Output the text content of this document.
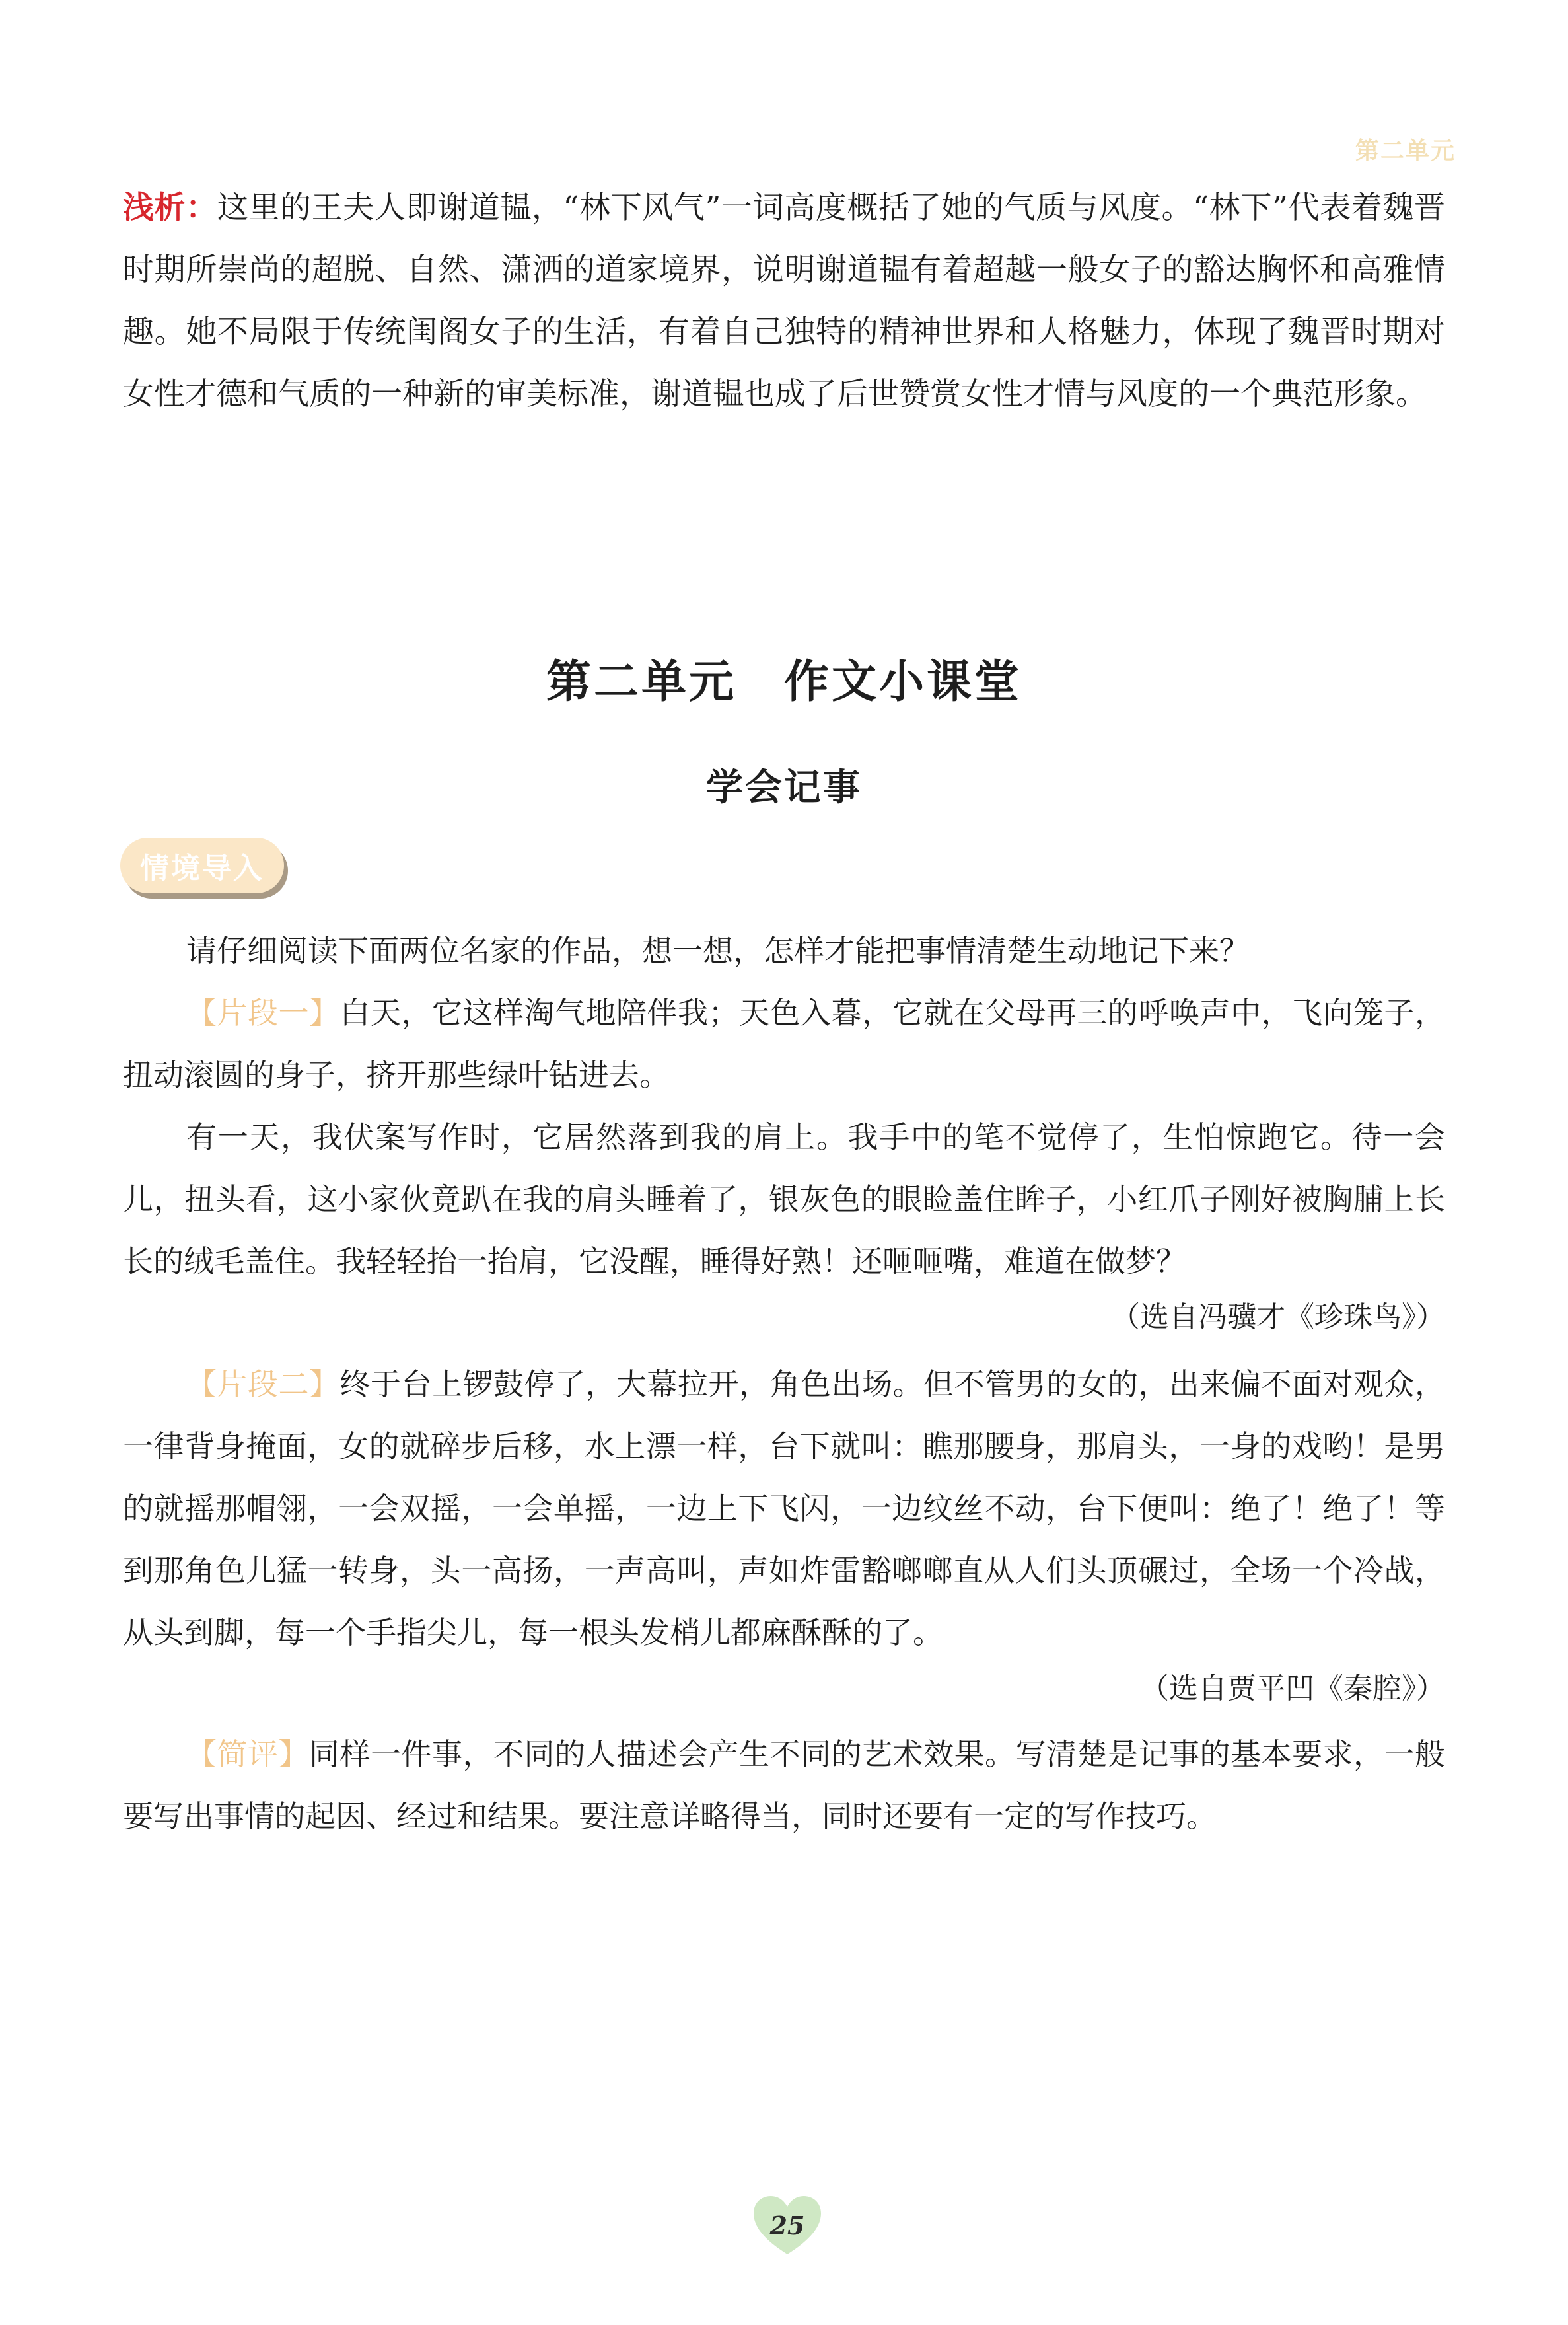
第二单元
浅析：这里的王夫人即谢道韫，“林下风气”一词高度概括了她的气质与风度。“林下”代表着魏晋时期所崇尚的超脱、自然、潇洒的道家境界，说明谢道韫有着超越一般女子的豁达胸怀和高雅情趣。她不局限于传统闺阁女子的生活，有着自己独特的精神世界和人格魅力，体现了魏晋时期对女性才德和气质的一种新的审美标准，谢道韫也成了后世赞赏女性才情与风度的一个典范形象。
第二单元　作文小课堂
学会记事
情境导入

请仔细阅读下面两位名家的作品，想一想，怎样才能把事情清楚生动地记下来？

【片段一】白天，它这样淘气地陪伴我；天色入暮，它就在父母再三的呼唤声中，飞向笼子，扭动滚圆的身子，挤开那些绿叶钻进去。

有一天，我伏案写作时，它居然落到我的肩上。我手中的笔不觉停了，生怕惊跑它。待一会儿，扭头看，这小家伙竟趴在我的肩头睡着了，银灰色的眼睑盖住眸子，小红爪子刚好被胸脯上长长的绒毛盖住。我轻轻抬一抬肩，它没醒，睡得好熟！还咂咂嘴，难道在做梦？

（选自冯骥才《珍珠鸟》）

【片段二】终于台上锣鼓停了，大幕拉开，角色出场。但不管男的女的，出来偏不面对观众，一律背身掩面，女的就碎步后移，水上漂一样，台下就叫：瞧那腰身，那肩头，一身的戏哟！是男的就摇那帽翎，一会双摇，一会单摇，一边上下飞闪，一边纹丝不动，台下便叫：绝了！绝了！等到那角色儿猛一转身，头一高扬，一声高叫，声如炸雷豁啷啷直从人们头顶碾过，全场一个冷战，从头到脚，每一个手指尖儿，每一根头发梢儿都麻酥酥的了。

（选自贾平凹《秦腔》）

【简评】同样一件事，不同的人描述会产生不同的艺术效果。写清楚是记事的基本要求，一般要写出事情的起因、经过和结果。要注意详略得当，同时还要有一定的写作技巧。

25
